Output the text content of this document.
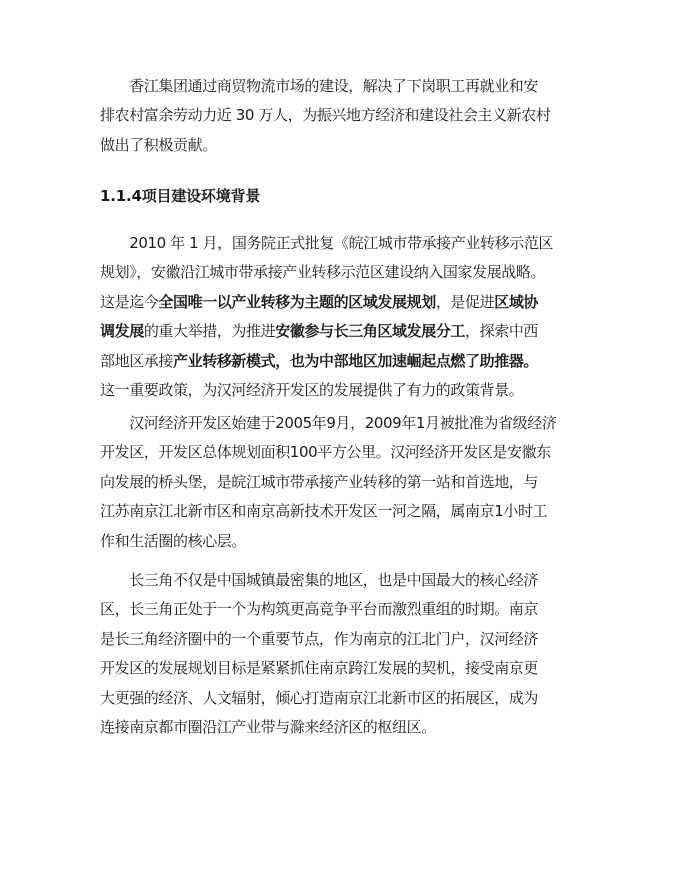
　　香江集团通过商贸物流市场的建设，解决了下岗职工再就业和安
排农村富余劳动力近 30 万人，为振兴地方经济和建设社会主义新农村
做出了积极贡献。
1.1.4项目建设环境背景
　　2010 年 1 月，国务院正式批复《皖江城市带承接产业转移示范区
规划》，安徽沿江城市带承接产业转移示范区建设纳入国家发展战略。
这是迄今全国唯一以产业转移为主题的区域发展规划，是促进区域协
调发展的重大举措，为推进安徽参与长三角区域发展分工，探索中西
部地区承接产业转移新模式，也为中部地区加速崛起点燃了助推器。
这一重要政策，为汉河经济开发区的发展提供了有力的政策背景。
　　汉河经济开发区始建于2005年9月，2009年1月被批准为省级经济
开发区，开发区总体规划面积100平方公里。汉河经济开发区是安徽东
向发展的桥头堡，是皖江城市带承接产业转移的第一站和首选地，与
江苏南京江北新市区和南京高新技术开发区一河之隔，属南京1小时工
作和生活圈的核心层。
　　长三角不仅是中国城镇最密集的地区，也是中国最大的核心经济
区，长三角正处于一个为构筑更高竞争平台而激烈重组的时期。南京
是长三角经济圈中的一个重要节点，作为南京的江北门户，汉河经济
开发区的发展规划目标是紧紧抓住南京跨江发展的契机，接受南京更
大更强的经济、人文辐射，倾心打造南京江北新市区的拓展区，成为
连接南京都市圈沿江产业带与滁来经济区的枢纽区。
